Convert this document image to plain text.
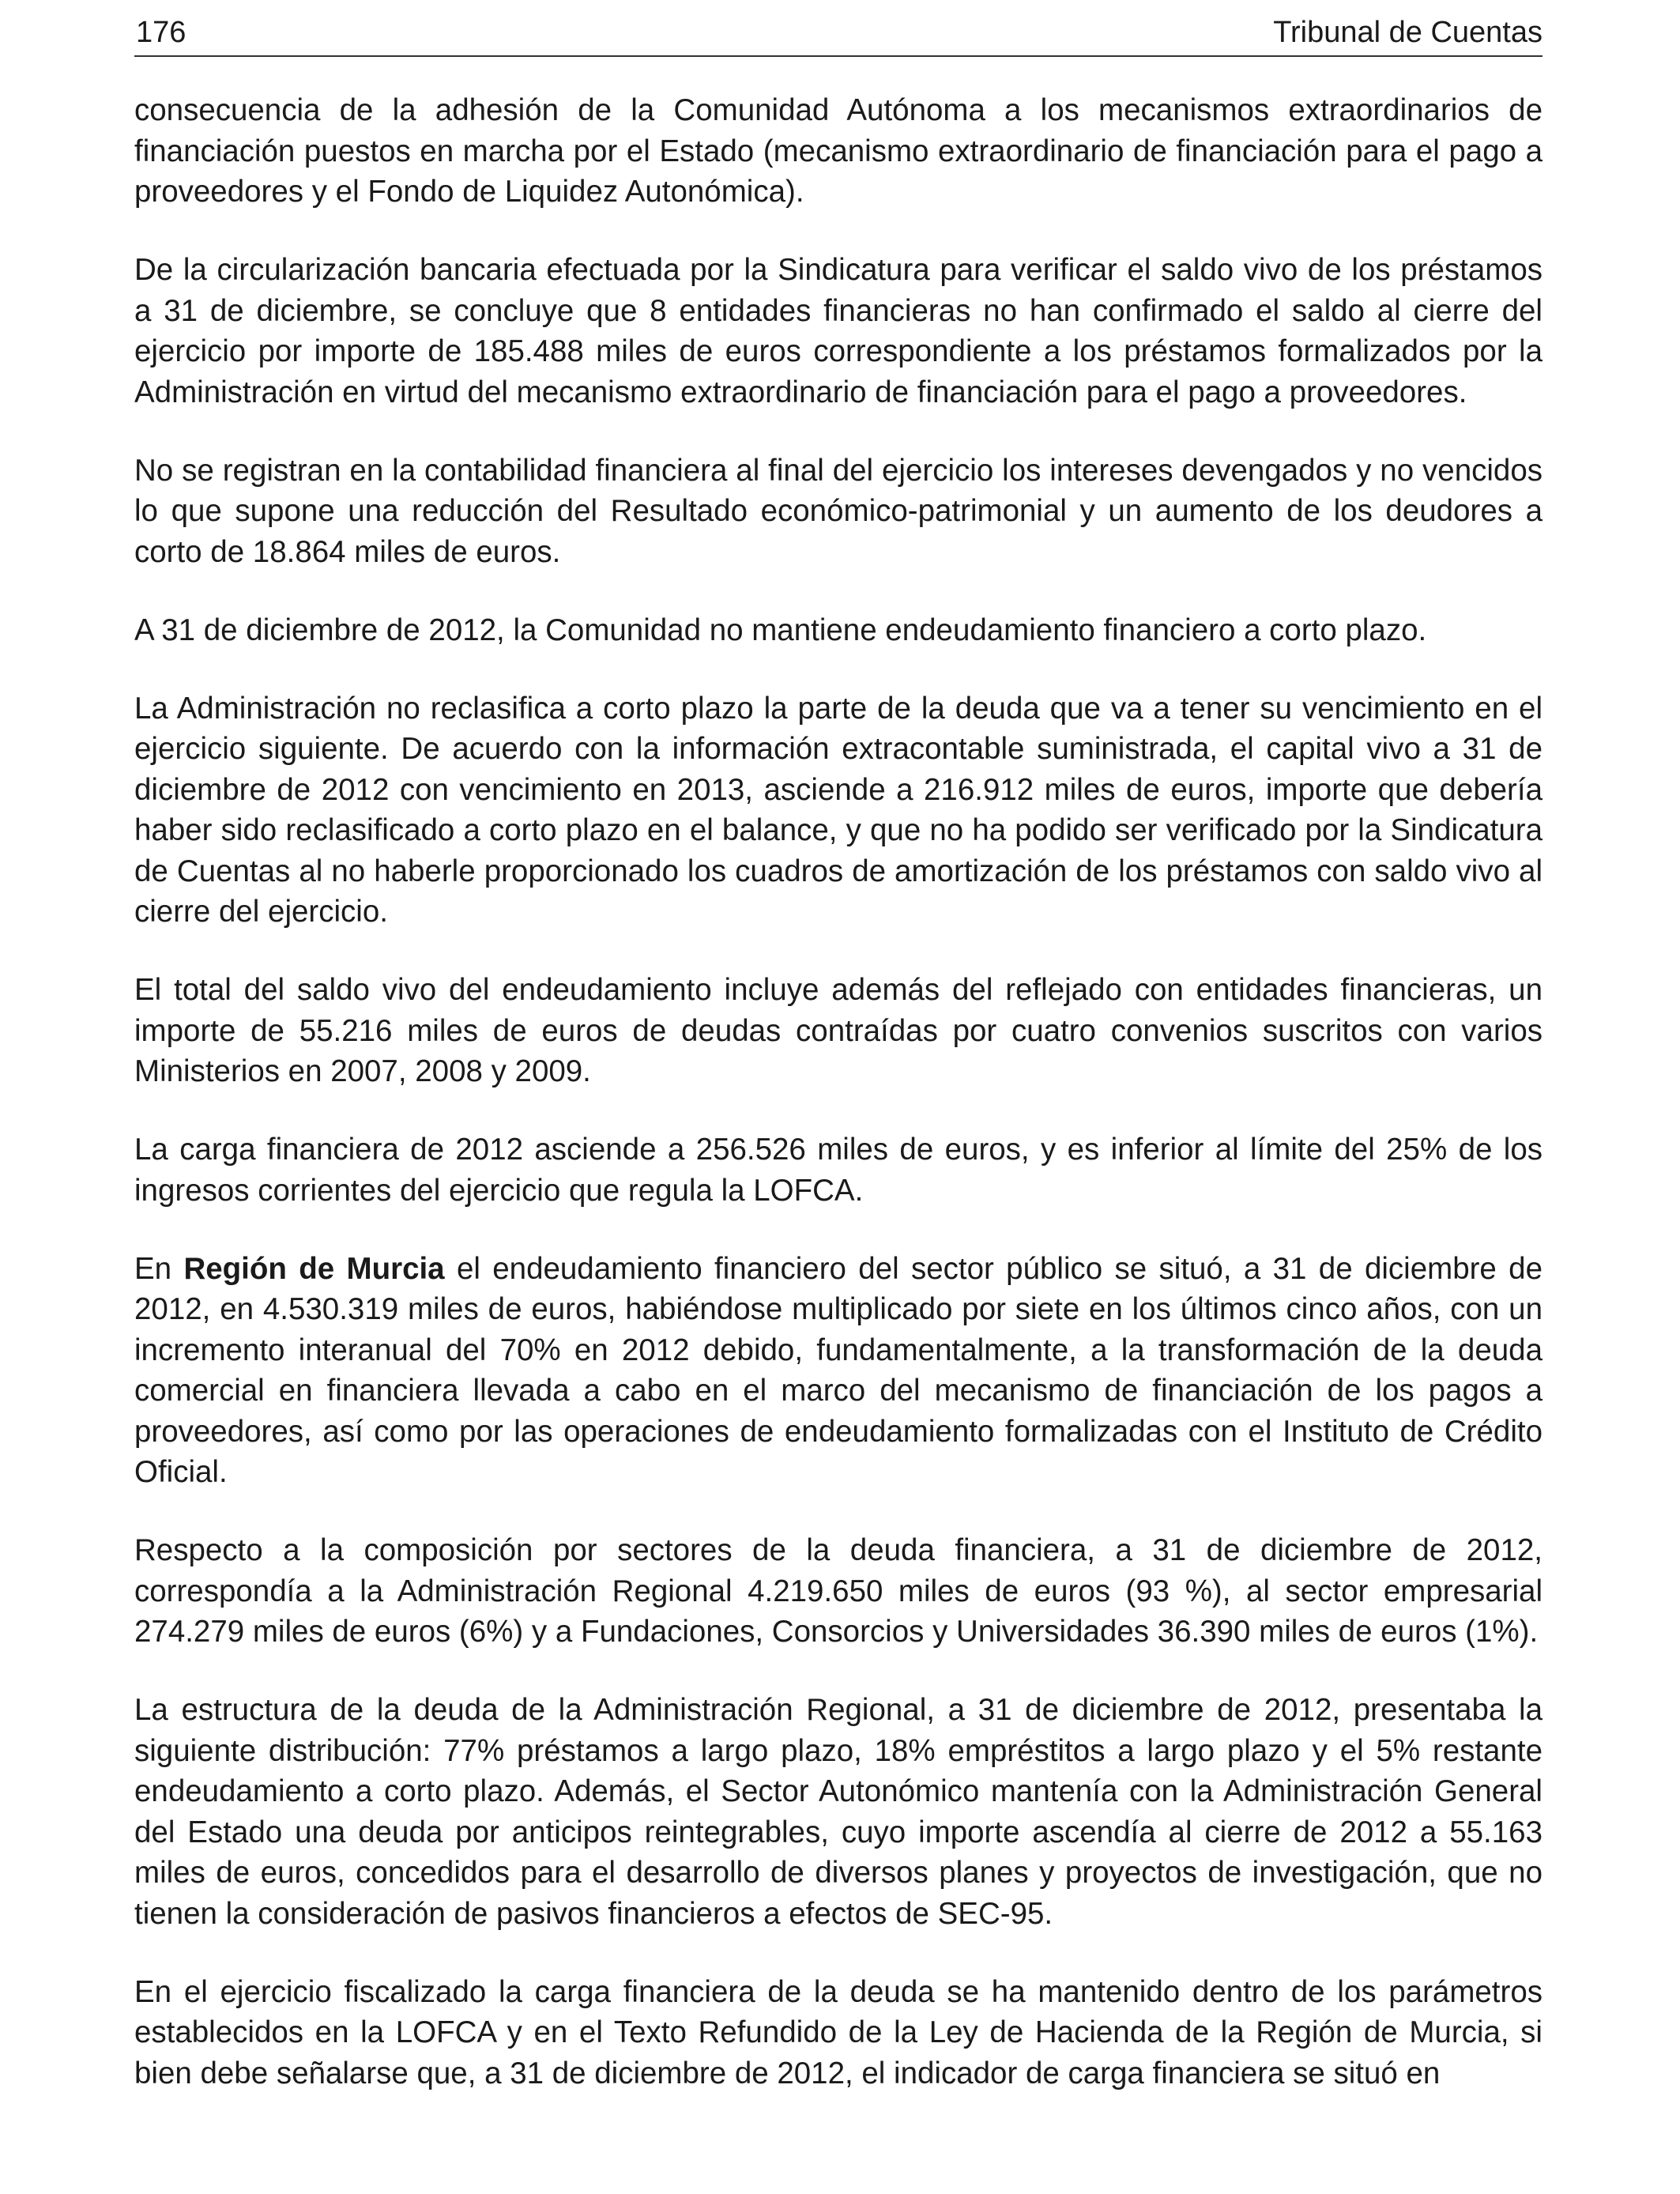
176	Tribunal de Cuentas

consecuencia de la adhesión de la Comunidad Autónoma a los mecanismos extraordinarios de financiación puestos en marcha por el Estado (mecanismo extraordinario de financiación para el pago a proveedores y el Fondo de Liquidez Autonómica).

De la circularización bancaria efectuada por la Sindicatura para verificar el saldo vivo de los préstamos a 31 de diciembre, se concluye que 8 entidades financieras no han confirmado el saldo al cierre del ejercicio por importe de 185.488 miles de euros correspondiente a los préstamos formalizados por la Administración en virtud del mecanismo extraordinario de financiación para el pago a proveedores.

No se registran en la contabilidad financiera al final del ejercicio los intereses devengados y no vencidos lo que supone una reducción del Resultado económico-patrimonial y un aumento de los deudores a corto de 18.864 miles de euros.

A 31 de diciembre de 2012, la Comunidad no mantiene endeudamiento financiero a corto plazo.

La Administración no reclasifica a corto plazo la parte de la deuda que va a tener su vencimiento en el ejercicio siguiente. De acuerdo con la información extracontable suministrada, el capital vivo a 31 de diciembre de 2012 con vencimiento en 2013, asciende a 216.912 miles de euros, importe que debería haber sido reclasificado a corto plazo en el balance, y que no ha podido ser verificado por la Sindicatura de Cuentas al no haberle proporcionado los cuadros de amortización de los préstamos con saldo vivo al cierre del ejercicio.

El total del saldo vivo del endeudamiento incluye además del reflejado con entidades financieras, un importe de 55.216 miles de euros de deudas contraídas por cuatro convenios suscritos con varios Ministerios en 2007, 2008 y 2009.

La carga financiera de 2012 asciende a 256.526 miles de euros, y es inferior al límite del 25% de los ingresos corrientes del ejercicio que regula la LOFCA.

En Región de Murcia el endeudamiento financiero del sector público se situó, a 31 de diciembre de 2012, en 4.530.319 miles de euros, habiéndose multiplicado por siete en los últimos cinco años, con un incremento interanual del 70% en 2012 debido, fundamentalmente, a la transformación de la deuda comercial en financiera llevada a cabo en el marco del mecanismo de financiación de los pagos a proveedores, así como por las operaciones de endeudamiento formalizadas con el Instituto de Crédito Oficial.

Respecto a la composición por sectores de la deuda financiera, a 31 de diciembre de 2012, correspondía a la Administración Regional 4.219.650 miles de euros (93 %), al sector empresarial 274.279 miles de euros (6%) y a Fundaciones, Consorcios y Universidades 36.390 miles de euros (1%).

La estructura de la deuda de la Administración Regional, a 31 de diciembre de 2012, presentaba la siguiente distribución: 77% préstamos a largo plazo, 18% empréstitos a largo plazo y el 5% restante endeudamiento a corto plazo. Además, el Sector Autonómico mantenía con la Administración General del Estado una deuda por anticipos reintegrables, cuyo importe ascendía al cierre de 2012 a 55.163 miles de euros, concedidos para el desarrollo de diversos planes y proyectos de investigación, que no tienen la consideración de pasivos financieros a efectos de SEC-95.

En el ejercicio fiscalizado la carga financiera de la deuda se ha mantenido dentro de los parámetros establecidos en la LOFCA y en el Texto Refundido de la Ley de Hacienda de la Región de Murcia, si bien debe señalarse que, a 31 de diciembre de 2012, el indicador de carga financiera se situó en
